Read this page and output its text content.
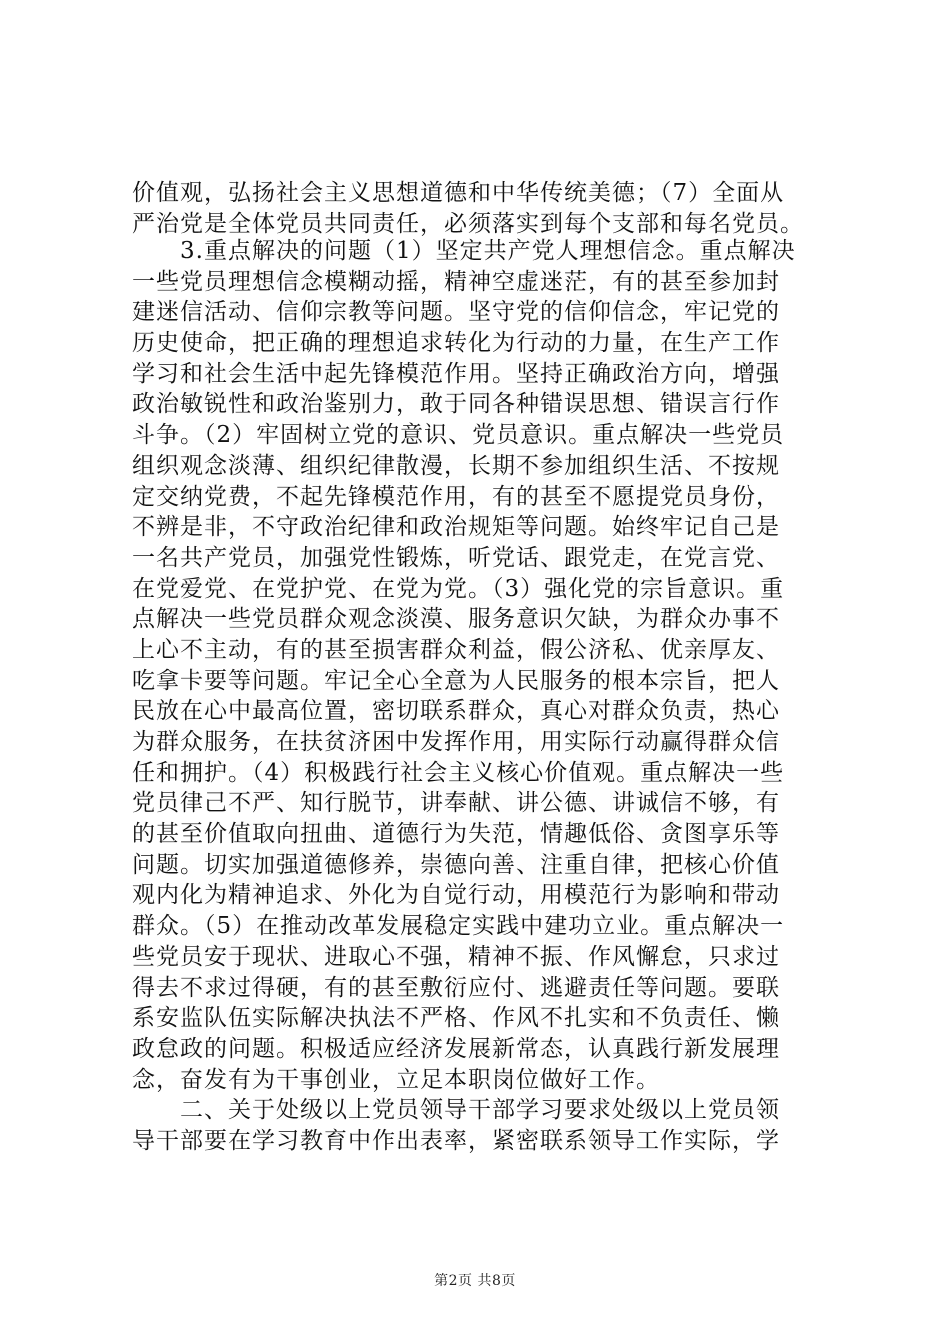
价值观，弘扬社会主义思想道德和中华传统美德；（7）全面从
严治党是全体党员共同责任，必须落实到每个支部和每名党员。
　　3.重点解决的问题（1）坚定共产党人理想信念。重点解决
一些党员理想信念模糊动摇，精神空虚迷茫，有的甚至参加封
建迷信活动、信仰宗教等问题。坚守党的信仰信念，牢记党的
历史使命，把正确的理想追求转化为行动的力量，在生产工作
学习和社会生活中起先锋模范作用。坚持正确政治方向，增强
政治敏锐性和政治鉴别力，敢于同各种错误思想、错误言行作
斗争。（2）牢固树立党的意识、党员意识。重点解决一些党员
组织观念淡薄、组织纪律散漫，长期不参加组织生活、不按规
定交纳党费，不起先锋模范作用，有的甚至不愿提党员身份，
不辨是非，不守政治纪律和政治规矩等问题。始终牢记自己是
一名共产党员，加强党性锻炼，听党话、跟党走，在党言党、
在党爱党、在党护党、在党为党。（3）强化党的宗旨意识。重
点解决一些党员群众观念淡漠、服务意识欠缺，为群众办事不
上心不主动，有的甚至损害群众利益，假公济私、优亲厚友、
吃拿卡要等问题。牢记全心全意为人民服务的根本宗旨，把人
民放在心中最高位置，密切联系群众，真心对群众负责，热心
为群众服务，在扶贫济困中发挥作用，用实际行动赢得群众信
任和拥护。（4）积极践行社会主义核心价值观。重点解决一些
党员律己不严、知行脱节，讲奉献、讲公德、讲诚信不够，有
的甚至价值取向扭曲、道德行为失范，情趣低俗、贪图享乐等
问题。切实加强道德修养，崇德向善、注重自律，把核心价值
观内化为精神追求、外化为自觉行动，用模范行为影响和带动
群众。（5）在推动改革发展稳定实践中建功立业。重点解决一
些党员安于现状、进取心不强，精神不振、作风懈怠，只求过
得去不求过得硬，有的甚至敷衍应付、逃避责任等问题。要联
系安监队伍实际解决执法不严格、作风不扎实和不负责任、懒
政怠政的问题。积极适应经济发展新常态，认真践行新发展理
念，奋发有为干事创业，立足本职岗位做好工作。
　　二、关于处级以上党员领导干部学习要求处级以上党员领
导干部要在学习教育中作出表率，紧密联系领导工作实际，学
第2页 共8页
